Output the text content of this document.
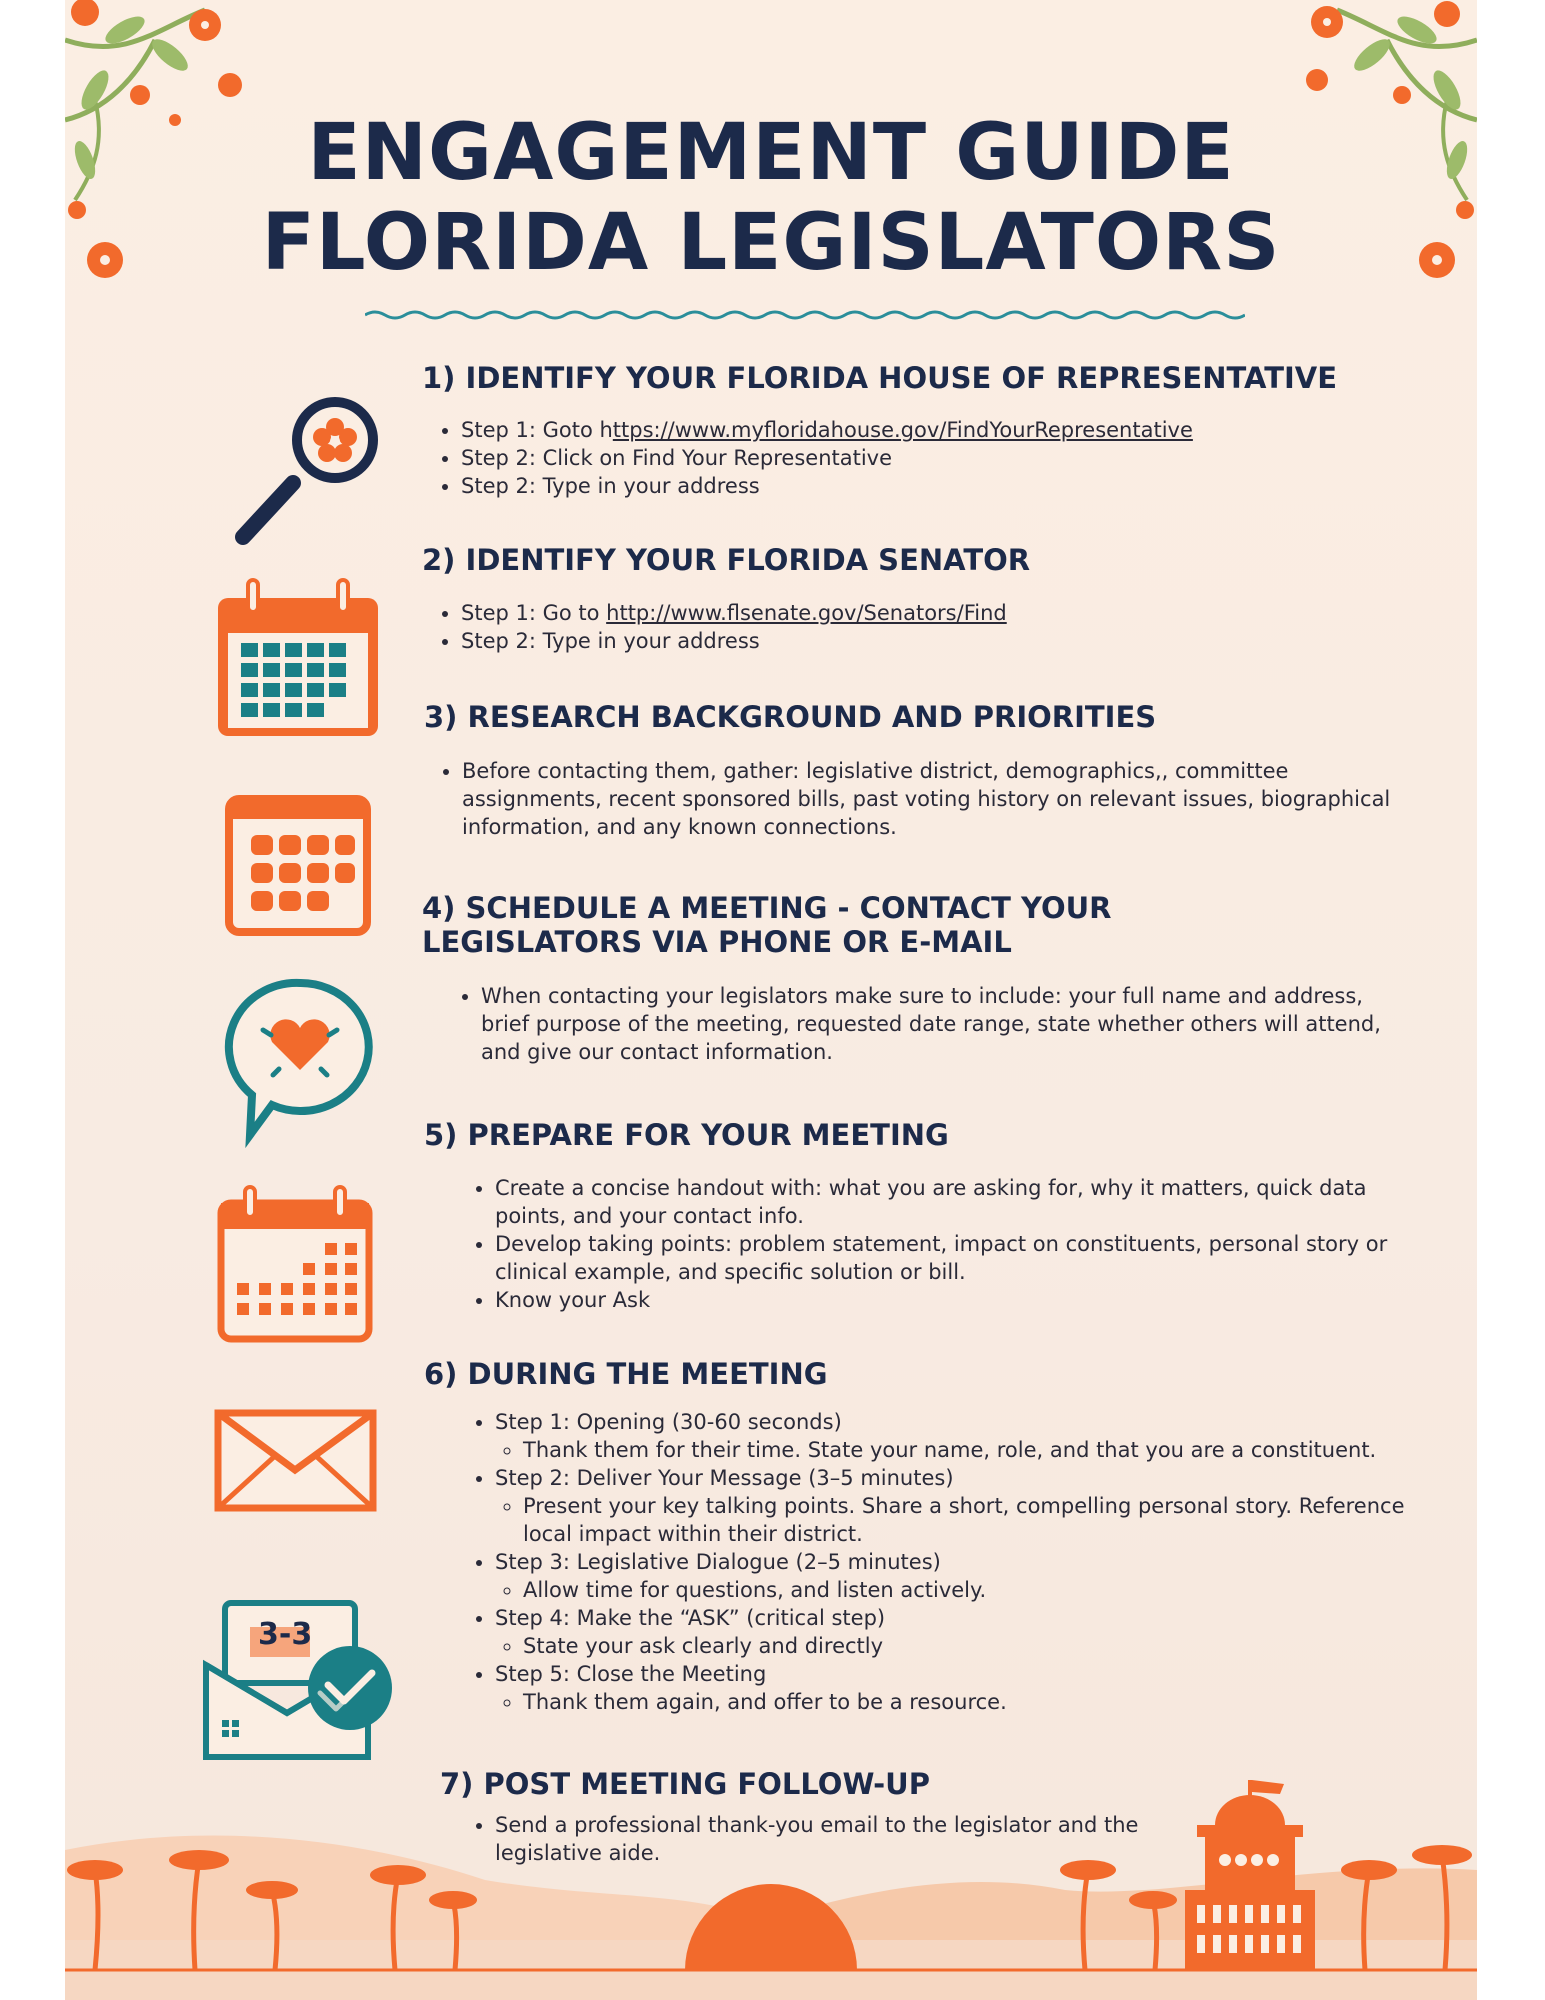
ENGAGEMENT GUIDE
FLORIDA LEGISLATORS
3-3
1) IDENTIFY YOUR FLORIDA HOUSE OF REPRESENTATIVE
• Step 1: Goto https://www.myfloridahouse.gov/FindYourRepresentative
• Step 2: Click on Find Your Representative
• Step 2: Type in your address
2) IDENTIFY YOUR FLORIDA SENATOR
• Step 1: Go to http://www.flsenate.gov/Senators/Find
• Step 2: Type in your address
3) RESEARCH BACKGROUND AND PRIORITIES
• Before contacting them, gather: legislative district, demographics,, committee assignments, recent sponsored bills, past voting history on relevant issues, biographical information, and any known connections.
4) SCHEDULE A MEETING - CONTACT YOUR
LEGISLATORS VIA PHONE OR E-MAIL
• When contacting your legislators make sure to include: your full name and address, brief purpose of the meeting, requested date range, state whether others will attend, and give our contact information.
5) PREPARE FOR YOUR MEETING
• Create a concise handout with: what you are asking for, why it matters, quick data points, and your contact info.
• Develop taking points: problem statement, impact on constituents, personal story or clinical example, and specific solution or bill.
• Know your Ask
6) DURING THE MEETING
• Step 1: Opening (30-60 seconds)
◦ Thank them for their time. State your name, role, and that you are a constituent.
• Step 2: Deliver Your Message (3–5 minutes)
◦ Present your key talking points. Share a short, compelling personal story. Reference local impact within their district.
• Step 3: Legislative Dialogue (2–5 minutes)
◦ Allow time for questions, and listen actively.
• Step 4: Make the “ASK” (critical step)
◦ State your ask clearly and directly
• Step 5: Close the Meeting
◦ Thank them again, and offer to be a resource.
7) POST MEETING FOLLOW-UP
• Send a professional thank-you email to the legislator and the legislative aide.
